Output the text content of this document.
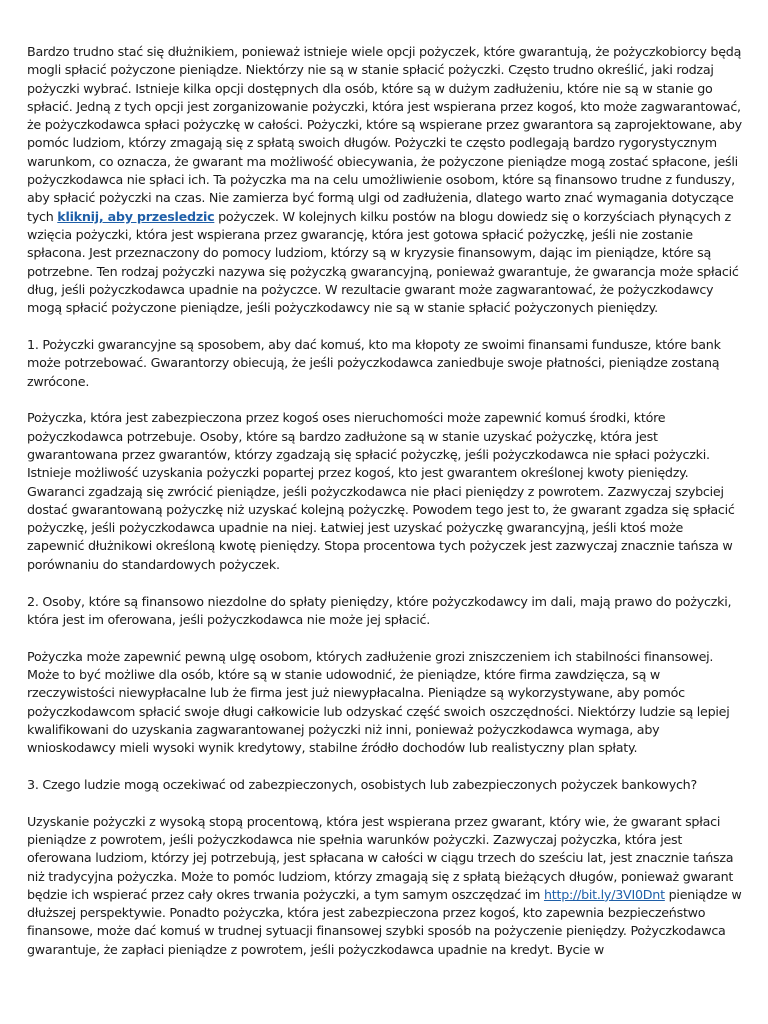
Bardzo trudno stać się dłużnikiem, ponieważ istnieje wiele opcji pożyczek, które gwarantują, że pożyczkobiorcy będą mogli spłacić pożyczone pieniądze. Niektórzy nie są w stanie spłacić pożyczki. Często trudno określić, jaki rodzaj pożyczki wybrać. Istnieje kilka opcji dostępnych dla osób, które są w dużym zadłużeniu, które nie są w stanie go spłacić. Jedną z tych opcji jest zorganizowanie pożyczki, która jest wspierana przez kogoś, kto może zagwarantować, że pożyczkodawca spłaci pożyczkę w całości. Pożyczki, które są wspierane przez gwarantora są zaprojektowane, aby pomóc ludziom, którzy zmagają się z spłatą swoich długów. Pożyczki te często podlegają bardzo rygorystycznym warunkom, co oznacza, że gwarant ma możliwość obiecywania, że pożyczone pieniądze mogą zostać spłacone, jeśli pożyczkodawca nie spłaci ich. Ta pożyczka ma na celu umożliwienie osobom, które są finansowo trudne z funduszy, aby spłacić pożyczki na czas. Nie zamierza być formą ulgi od zadłużenia, dlatego warto znać wymagania dotyczące tych kliknij, aby przesledzic pożyczek. W kolejnych kilku postów na blogu dowiedz się o korzyściach płynących z wzięcia pożyczki, która jest wspierana przez gwarancję, która jest gotowa spłacić pożyczkę, jeśli nie zostanie spłacona. Jest przeznaczony do pomocy ludziom, którzy są w kryzysie finansowym, dając im pieniądze, które są potrzebne. Ten rodzaj pożyczki nazywa się pożyczką gwarancyjną, ponieważ gwarantuje, że gwarancja może spłacić dług, jeśli pożyczkodawca upadnie na pożyczce. W rezultacie gwarant może zagwarantować, że pożyczkodawcy mogą spłacić pożyczone pieniądze, jeśli pożyczkodawcy nie są w stanie spłacić pożyczonych pieniędzy.

1. Pożyczki gwarancyjne są sposobem, aby dać komuś, kto ma kłopoty ze swoimi finansami fundusze, które bank może potrzebować. Gwarantorzy obiecują, że jeśli pożyczkodawca zaniedbuje swoje płatności, pieniądze zostaną zwrócone.

Pożyczka, która jest zabezpieczona przez kogoś oses nieruchomości może zapewnić komuś środki, które pożyczkodawca potrzebuje. Osoby, które są bardzo zadłużone są w stanie uzyskać pożyczkę, która jest gwarantowana przez gwarantów, którzy zgadzają się spłacić pożyczkę, jeśli pożyczkodawca nie spłaci pożyczki. Istnieje możliwość uzyskania pożyczki popartej przez kogoś, kto jest gwarantem określonej kwoty pieniędzy. Gwaranci zgadzają się zwrócić pieniądze, jeśli pożyczkodawca nie płaci pieniędzy z powrotem. Zazwyczaj szybciej dostać gwarantowaną pożyczkę niż uzyskać kolejną pożyczkę. Powodem tego jest to, że gwarant zgadza się spłacić pożyczkę, jeśli pożyczkodawca upadnie na niej. Łatwiej jest uzyskać pożyczkę gwarancyjną, jeśli ktoś może zapewnić dłużnikowi określoną kwotę pieniędzy. Stopa procentowa tych pożyczek jest zazwyczaj znacznie tańsza w porównaniu do standardowych pożyczek.

2. Osoby, które są finansowo niezdolne do spłaty pieniędzy, które pożyczkodawcy im dali, mają prawo do pożyczki, która jest im oferowana, jeśli pożyczkodawca nie może jej spłacić.

Pożyczka może zapewnić pewną ulgę osobom, których zadłużenie grozi zniszczeniem ich stabilności finansowej. Może to być możliwe dla osób, które są w stanie udowodnić, że pieniądze, które firma zawdzięcza, są w rzeczywistości niewypłacalne lub że firma jest już niewypłacalna. Pieniądze są wykorzystywane, aby pomóc pożyczkodawcom spłacić swoje długi całkowicie lub odzyskać część swoich oszczędności. Niektórzy ludzie są lepiej kwalifikowani do uzyskania zagwarantowanej pożyczki niż inni, ponieważ pożyczkodawca wymaga, aby wnioskodawcy mieli wysoki wynik kredytowy, stabilne źródło dochodów lub realistyczny plan spłaty.

3. Czego ludzie mogą oczekiwać od zabezpieczonych, osobistych lub zabezpieczonych pożyczek bankowych?

Uzyskanie pożyczki z wysoką stopą procentową, która jest wspierana przez gwarant, który wie, że gwarant spłaci pieniądze z powrotem, jeśli pożyczkodawca nie spełnia warunków pożyczki. Zazwyczaj pożyczka, która jest oferowana ludziom, którzy jej potrzebują, jest spłacana w całości w ciągu trzech do sześciu lat, jest znacznie tańsza niż tradycyjna pożyczka. Może to pomóc ludziom, którzy zmagają się z spłatą bieżących długów, ponieważ gwarant będzie ich wspierać przez cały okres trwania pożyczki, a tym samym oszczędzać im http://bit.ly/3VI0Dnt pieniądze w dłuższej perspektywie. Ponadto pożyczka, która jest zabezpieczona przez kogoś, kto zapewnia bezpieczeństwo finansowe, może dać komuś w trudnej sytuacji finansowej szybki sposób na pożyczenie pieniędzy. Pożyczkodawca gwarantuje, że zapłaci pieniądze z powrotem, jeśli pożyczkodawca upadnie na kredyt. Bycie w
